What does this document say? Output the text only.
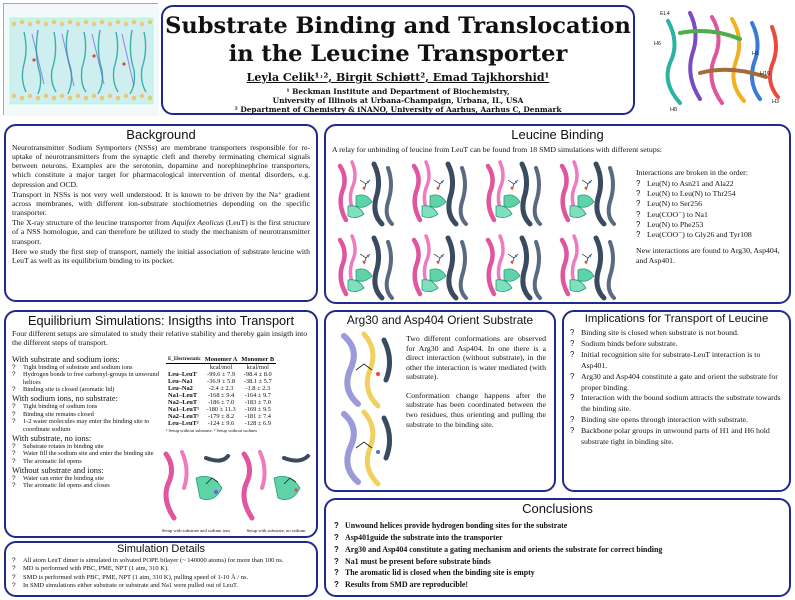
Substrate Binding and Translocation
in the Leucine Transporter
Leyla Celik¹˒², Birgit Schiøtt², Emad Tajkhorshid¹
¹ Beckman Institute and Department of Biochemistry,
University of Illinois at Urbana-Champaign, Urbana, IL, USA
² Department of Chemistry & iNANO, University of Aarhus, Aarhus C, Denmark
EL4
H6
H1
H10
H3
H8
Background

Neurotransmitter Sodium Symporters (NSSs) are membrane transporters responsible for re-uptake of neurotransmitters from the synaptic cleft and thereby terminating chemical signals between neurons. Examples are the serotonin, dopamine and norephinephrine transporters, which constitute a major target for pharmacological intervention of mental disorders, e.g. depression and OCD.

Transport in NSSs is not very well understood. It is known to be driven by the Na⁺ gradient across membranes, with different ion-substrate stochiometries depending on the specific transporter.

The X-ray structure of the leucine transporter from Aquifex Aeolicus (LeuT) is the first structure of a NSS homologue, and can therefore be utilized to study the mechanism of neurotransmitter transport.

Here we study the first step of transport, namely the initial association of substrate leucine with LeuT as well as its equilibrium binding to its pocket.

Leucine Binding
A relay for unbinding of leucine from LeuT can be found from 18 SMD simulations with different setups:
Interactions are broken in the order:
? Leu(N) to Asn21 and Ala22
? Leu(N) to Leu(N) to Thr254
? Leu(N) to Ser256
? Leu(COO⁻) to Na1
? Leu(N) to Phe253
? Leu(COO⁻) to Gly26 and Tyr108
New interactions are found to Arg30, Asp404, and Asp401.
Equilibrium Simulations: Insigths into Transport
Four different setups are simulated to study their relative stability and thereby gain insigth into the different steps of transport.
With substrate and sodium ions:
? Tight binding of substrate and sodium ions
? Hydrogen bonds to free carbonyl-groups in unwound helices
? Binding site is closed (aromatic lid)
With sodium ions, no substrate:
? Tight binding of sodium ions
? Binding site remains closed
? 1-2 water molecules may enter the binding site to coordinate sodium
With substrate, no ions:
? Substrate rotates in binding site
? Water fill the sodium site and enter the binding site
? The aromatic lid opens
Without substrate and ions:
? Water can enter the binding site
? The aromatic lid opens and closes
E_Electrostatic	Monomer A	Monomer B
	kcal/mol	kcal/mol
Leu–LeuT	-99.6 ± 7.9	-98.4 ± 8.0
Leu–Na1	-36.9 ± 5.8	-38.1 ± 5.7
Leu–Na2	-2.4 ± 2.3	-1.8 ± 2.3
Na1–LeuT	-168 ± 9.4	-164 ± 9.7
Na2–LeuT	-186 ± 7.0	-183 ± 7.0
Na1–LeuT¹	-180 ± 11.3	-169 ± 9.5
Na2–LeuT¹	-179 ± 8.2	-181 ± 7.4
Leu–LeuT²	-124 ± 9.6	-128 ± 6.9
¹ Setup without substrate. ² Setup without sodium
Setup with substrate and sodium ions	Setup with substrate, no sodium
Simulation Details
? All atom LeuT dimer is simulated in solvated POPE bilayer (~ 140000 atoms) for more than 100 ns.
? MD is performed with PBC, PME, NPT (1 atm, 310 K).
? SMD is performed with PBC, PME, NPT (1 atm, 310 K), pulling speed of 1-10 Å / ns.
? In SMD simulations either substrate or substrate and Na1 were pulled out of LeuT.
Arg30 and Asp404 Orient Substrate

Two different conformations are observed for Arg30 and Asp404. In one there is a direct interaction (without substrate), in the other the interaction is water mediated (with substrate).

Conformation change happens after the substrate has been coordinated between the two residues, thus orienting and pulling the substrate to the binding site.

Implications for Transport of Leucine
? Binding site is closed when substrate is not bound.
? Sodium binds before substrate.
? Initial recognition site for substrate-LeuT interaction is to Asp401.
? Arg30 and Asp404 constitute a gate and orient the substrate for proper binding.
? Interaction with the bound sodium attracts the substrate towards the binding site.
? Binding site opens through interaction with substrate.
? Backbone polar groups in unwound parts of H1 and H6 hold substrate tight in binding site.
Conclusions
? Unwound helices provide hydrogen bonding sites for the substrate
? Asp401guide the substrate into the transporter
? Arg30 and Asp404 constitute a gating mechanism and orients the substrate for correct binding
? Na1 must be present before substrate binds
? The aromatic lid is closed when the binding site is empty
? Results from SMD are reproducible!
